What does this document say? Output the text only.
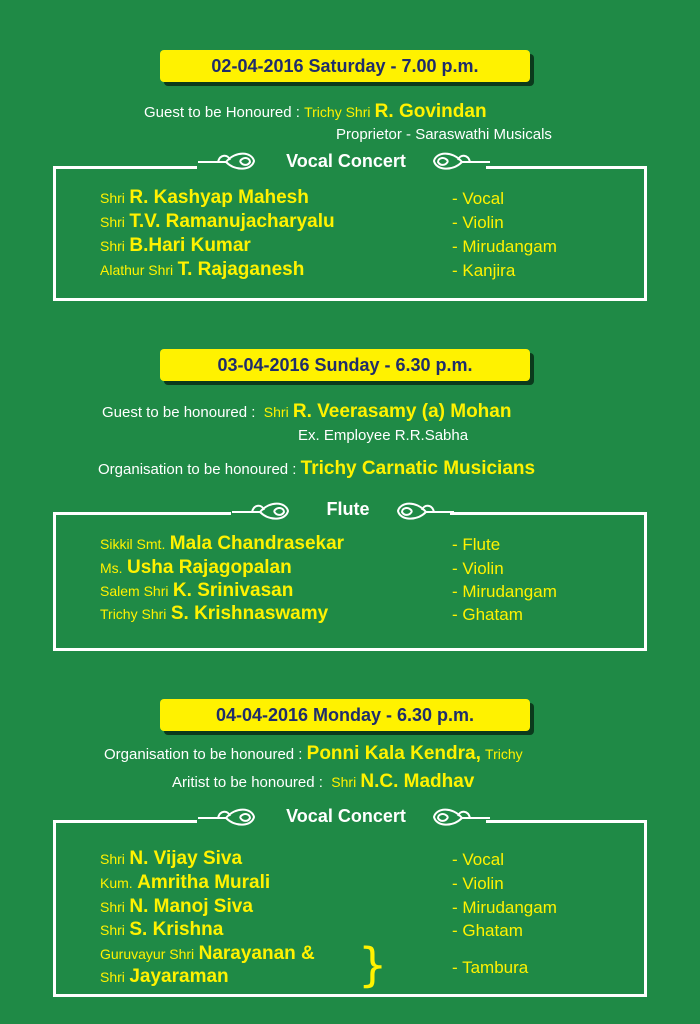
02-04-2016 Saturday - 7.00 p.m.
Guest to be Honoured : Trichy Shri R. Govindan
Proprietor - Saraswathi Musicals
Vocal Concert
Shri R. Kashyap Mahesh	- Vocal
Shri T.V. Ramanujacharyalu	- Violin
Shri B.Hari Kumar	- Mirudangam
Alathur Shri T. Rajaganesh	- Kanjira
03-04-2016 Sunday - 6.30 p.m.
Guest to be honoured : Shri R. Veerasamy (a) Mohan
Ex. Employee R.R.Sabha
Organisation to be honoured : Trichy Carnatic Musicians
Flute
Sikkil Smt. Mala Chandrasekar	- Flute
Ms. Usha Rajagopalan	- Violin
Salem Shri K. Srinivasan	- Mirudangam
Trichy Shri S. Krishnaswamy	- Ghatam
04-04-2016 Monday - 6.30 p.m.
Organisation to be honoured : Ponni Kala Kendra, Trichy
Aritist to be honoured : Shri N.C. Madhav
Vocal Concert
Shri N. Vijay Siva	- Vocal
Kum. Amritha Murali	- Violin
Shri N. Manoj Siva	- Mirudangam
Shri S. Krishna	- Ghatam
Guruvayur Shri Narayanan &
Shri Jayaraman	}	- Tambura
